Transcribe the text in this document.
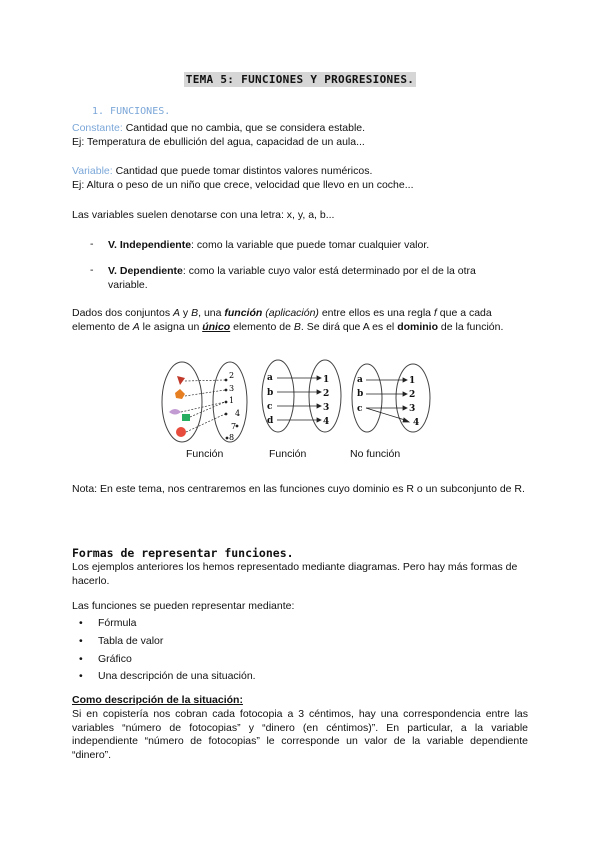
TEMA 5: FUNCIONES Y PROGRESIONES.
1. FUNCIONES.
Constante: Cantidad que no cambia, que se considera estable.
Ej: Temperatura de ebullición del agua, capacidad de un aula...
Variable: Cantidad que puede tomar distintos valores numéricos.
Ej: Altura o peso de un niño que crece, velocidad que llevo en un coche...
Las variables suelen denotarse con una letra: x, y, a, b...
- V. Independiente: como la variable que puede tomar cualquier valor.
- V. Dependiente: como la variable cuyo valor está determinado por el de la otra variable.
Dados dos conjuntos A y B, una función (aplicación) entre ellos es una regla f que a cada elemento de A le asigna un único elemento de B. Se dirá que A es el dominio de la función.
2
3
1
4
7
8
a
b
c
d
1
2
3
4
a
b
c
1
2
3
4
Función	Función	No función
Nota: En este tema, nos centraremos en las funciones cuyo dominio es R o un subconjunto de R.
Formas de representar funciones.
Los ejemplos anteriores los hemos representado mediante diagramas. Pero hay más formas de hacerlo.
Las funciones se pueden representar mediante:
• Fórmula
• Tabla de valor
• Gráfico
• Una descripción de una situación.
Como descripción de la situación:
Si en copistería nos cobran cada fotocopia a 3 céntimos, hay una correspondencia entre las variables “número de fotocopias” y “dinero (en céntimos)”. En particular, a la variable independiente “número de fotocopias” le corresponde un valor de la variable dependiente “dinero”.
